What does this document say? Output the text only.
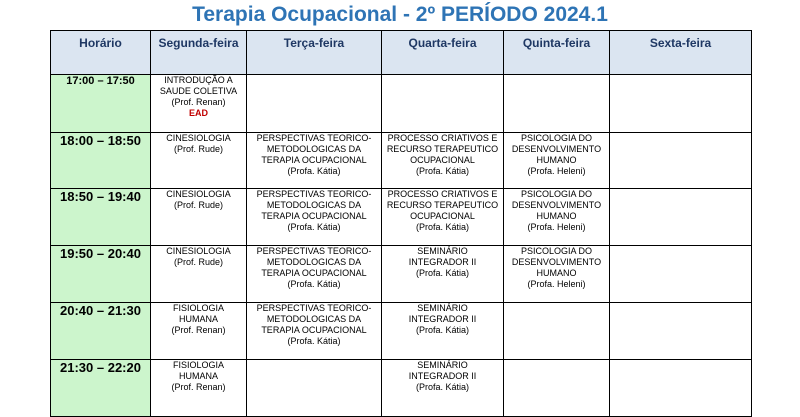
Terapia Ocupacional - 2º PERÍODO 2024.1
Horário	Segunda-feira	Terça-feira	Quarta-feira	Quinta-feira	Sexta-feira
17:00 – 17:50	INTRODUÇÃO A
SAUDE COLETIVA
(Prof. Renan)
EAD				

18:00 – 18:50	CINESIOLOGIA
(Prof. Rude)	PERSPECTIVAS TEORICO-
METODOLOGICAS DA
TERAPIA OCUPACIONAL
(Profa. Kátia)	PROCESSO CRIATIVOS E
RECURSO TERAPEUTICO
OCUPACIONAL
(Profa. Kátia)	PSICOLOGIA DO
DESENVOLVIMENTO
HUMANO
(Profa. Heleni)	

18:50 – 19:40	CINESIOLOGIA
(Prof. Rude)	PERSPECTIVAS TEORICO-
METODOLOGICAS DA
TERAPIA OCUPACIONAL
(Profa. Kátia)	PROCESSO CRIATIVOS E
RECURSO TERAPEUTICO
OCUPACIONAL
(Profa. Kátia)	PSICOLOGIA DO
DESENVOLVIMENTO
HUMANO
(Profa. Heleni)	

19:50 – 20:40	CINESIOLOGIA
(Prof. Rude)	PERSPECTIVAS TEORICO-
METODOLOGICAS DA
TERAPIA OCUPACIONAL
(Profa. Kátia)	SEMINÁRIO
INTEGRADOR II
(Profa. Kátia)	PSICOLOGIA DO
DESENVOLVIMENTO
HUMANO
(Profa. Heleni)	

20:40 – 21:30	FISIOLOGIA
HUMANA
(Prof. Renan)	PERSPECTIVAS TEORICO-
METODOLOGICAS DA
TERAPIA OCUPACIONAL
(Profa. Kátia)	SEMINÁRIO
INTEGRADOR II
(Profa. Kátia)		

21:30 – 22:20	FISIOLOGIA
HUMANA
(Prof. Renan)		SEMINÁRIO
INTEGRADOR II
(Profa. Kátia)		
